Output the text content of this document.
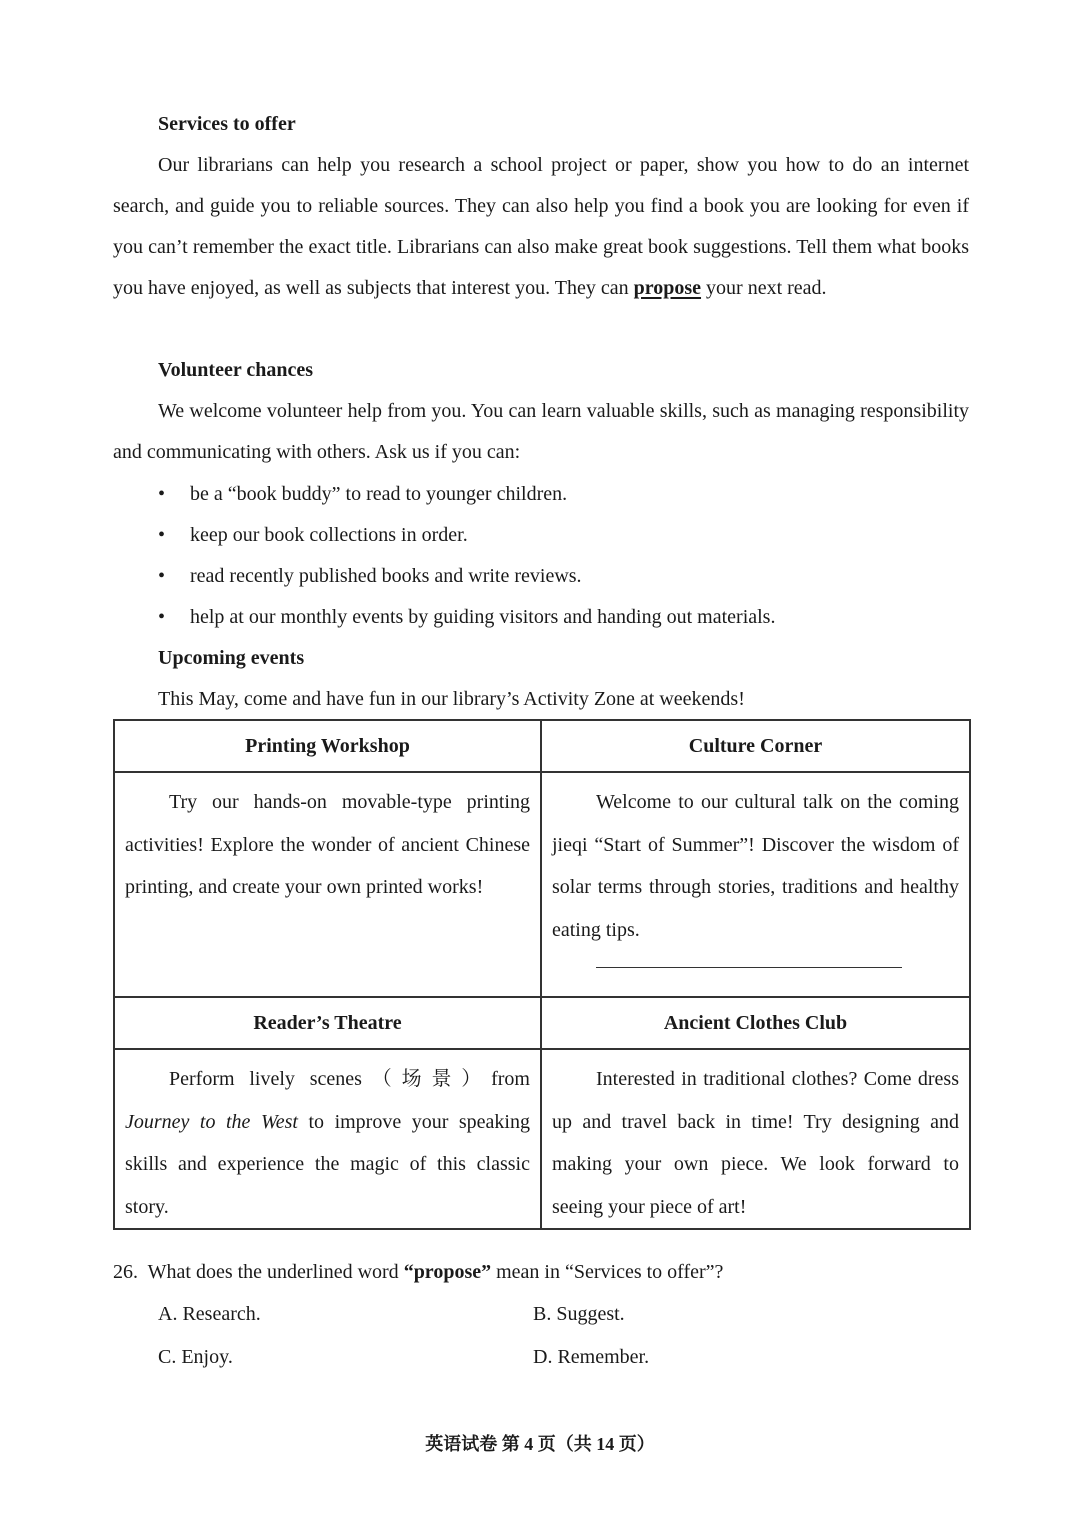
Services to offer
Our librarians can help you research a school project or paper, show you how to do an internet search, and guide you to reliable sources. They can also help you find a book you are looking for even if you can’t remember the exact title. Librarians can also make great book suggestions. Tell them what books you have enjoyed, as well as subjects that interest you. They can propose your next read.
Volunteer chances
We welcome volunteer help from you. You can learn valuable skills, such as managing responsibility and communicating with others. Ask us if you can:
• be a “book buddy” to read to younger children.
• keep our book collections in order.
• read recently published books and write reviews.
• help at our monthly events by guiding visitors and handing out materials.
Upcoming events
This May, come and have fun in our library’s Activity Zone at weekends!
Printing Workshop	Culture Corner
Try our hands-on movable-type printing activities! Explore the wonder of ancient Chinese printing, and create your own printed works!	Welcome to our cultural talk on the coming jieqi “Start of Summer”! Discover the wisdom of solar terms through stories, traditions and healthy eating tips.

Reader’s Theatre	Ancient Clothes Club
Perform lively scenes（场景）from Journey to the West to improve your speaking skills and experience the magic of this classic story.	Interested in traditional clothes? Come dress up and travel back in time! Try designing and making your own piece. We look forward to seeing your piece of art!
26. What does the underlined word “propose” mean in “Services to offer”?
A. Research.	B. Suggest.
C. Enjoy.	D. Remember.
英语试卷 第 4 页（共 14 页）
